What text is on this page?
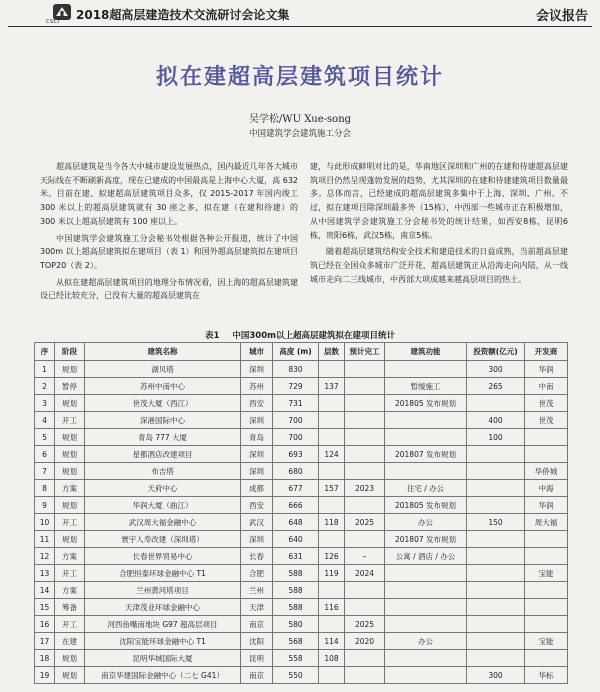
CSCI 2018超高层建造技术交流研讨会论文集	会议报告
拟在建超高层建筑项目统计
吴学松/WU Xue-song
中国建筑学会建筑施工分会

超高层建筑是当今各大中城市建设发展热点，国内最近几年各大城市天际线在不断刷新高度，现在已建成的中国最高是上海中心大厦，高 632 米。目前在建、拟建超高层建筑项目众多，仅 2015-2017 年国内竣工 300 米以上的超高层建筑就有 30 座之多，拟在建（在建和待建）的 300 米以上超高层建筑有 100 座以上。

中国建筑学会建筑施工分会秘书处根据各种公开报道，统计了中国 300m 以上超高层建筑拟在建项目（表 1）和国外超高层建筑拟在建项目 TOP20（表 2）。

从拟在建超高层建筑项目的地理分布情况看，因上海的超高层建筑建设已经比较充分，已没有大量的超高层建筑在

建，与此形成鲜明对比的是，华南地区深圳和广州的在建和待建超高层建筑项目仍然呈现蓬勃发展的趋势，尤其深圳的在建和待建建筑项目数量最多。总体而言，已经建成的超高层建筑多集中于上海、深圳、广州。不过，拟在建项目除深圳最多外（15栋），中西部一些城市正在积极增加，从中国建筑学会建筑施工分会秘书处的统计结果，如西安8栋，昆明6栋，贵阳6栋，武汉5栋，南京5栋。

随着超高层建筑结构安全技术和建造技术的日益成熟，当前超高层建筑已经在全国众多城市广泛开花，超高层建筑正从沿海走向内陆，从一线城市走向二三线城市，中西部大项成越来越高层项目的热土。

表1 中国300m以上超高层建筑拟在建项目统计
序	阶段	建筑名称	城市	高度 (m)	层数	预计完工	建筑功能	投资额(亿元)	开发商
1	规划	湖贝塔	深圳	830				300	华润
2	暂停	苏州中南中心	苏州	729	137		暂缓施工	265	中南
3	规划	世茂大厦（西江）	西安	731			201805 发布规划		世茂
4	开工	深港国际中心	深圳	700				400	世茂
5	规划	青岛 777 大厦	青岛	700				100	
6	规划	星都酒店改建项目	深圳	693	124		201807 发布规划		
7	规划	布吉塔	深圳	680					华侨城
8	方案	天府中心	成都	677	157	2023	住宅 / 办公		中海
9	规划	华润大厦（曲江）	西安	666			201805 发布规划		华润
10	开工	武汉周大福金融中心	武汉	648	118	2025	办公	150	周大福
11	规划	寰宇人寿改建（深圳塔）	深圳	640			201807 发布规划		
12	方案	长春世界贸易中心	长春	631	126	–	公寓 / 酒店 / 办公		
13	开工	合肥恒泰环球金融中心 T1	合肥	588	119	2024			宝能
14	方案	兰州黄河塔项目	兰州	588					
15	筹备	天津茂业环球金融中心	天津	588	116				
16	开工	河西鱼嘴南地块 G97 超高层项目	南京	580		2025			
17	在建	沈阳宝能环球金融中心 T1	沈阳	568	114	2020	办公		宝能
18	规划	昆明华域国际大厦	昆明	558	108				
19	规划	南京华建国际金融中心（二七 G41）	南京	550				300	华标
